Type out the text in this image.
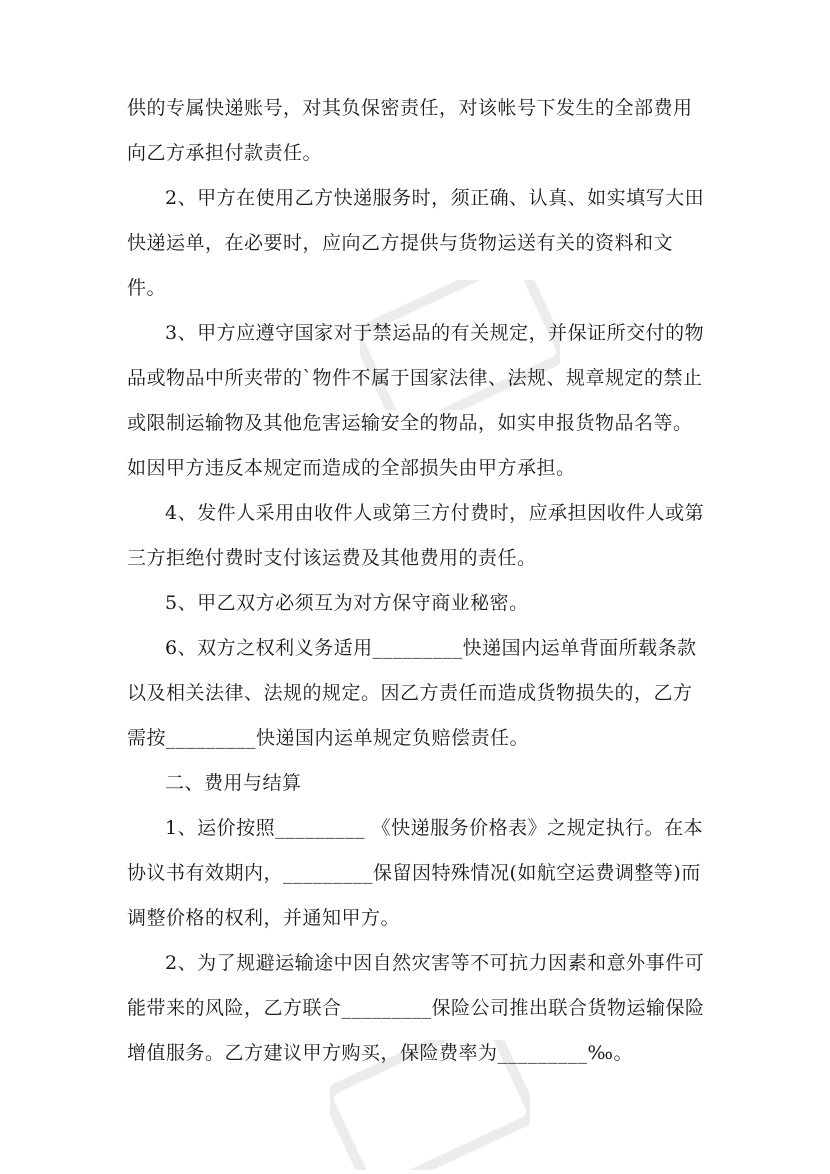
供的专属快递账号，对其负保密责任，对该帐号下发生的全部费用向乙方承担付款责任。

2、甲方在使用乙方快递服务时，须正确、认真、如实填写大田快递运单，在必要时，应向乙方提供与货物运送有关的资料和文件。

3、甲方应遵守国家对于禁运品的有关规定，并保证所交付的物品或物品中所夹带的`物件不属于国家法律、法规、规章规定的禁止或限制运输物及其他危害运输安全的物品，如实申报货物品名等。如因甲方违反本规定而造成的全部损失由甲方承担。

4、发件人采用由收件人或第三方付费时，应承担因收件人或第三方拒绝付费时支付该运费及其他费用的责任。

5、甲乙双方必须互为对方保守商业秘密。

6、双方之权利义务适用_________快递国内运单背面所载条款以及相关法律、法规的规定。因乙方责任而造成货物损失的，乙方需按_________快递国内运单规定负赔偿责任。

二、费用与结算

1、运价按照_________ 《快递服务价格表》之规定执行。在本协议书有效期内，_________保留因特殊情况(如航空运费调整等)而调整价格的权利，并通知甲方。

2、为了规避运输途中因自然灾害等不可抗力因素和意外事件可能带来的风险，乙方联合_________保险公司推出联合货物运输保险增值服务。乙方建议甲方购买，保险费率为_________‰。
